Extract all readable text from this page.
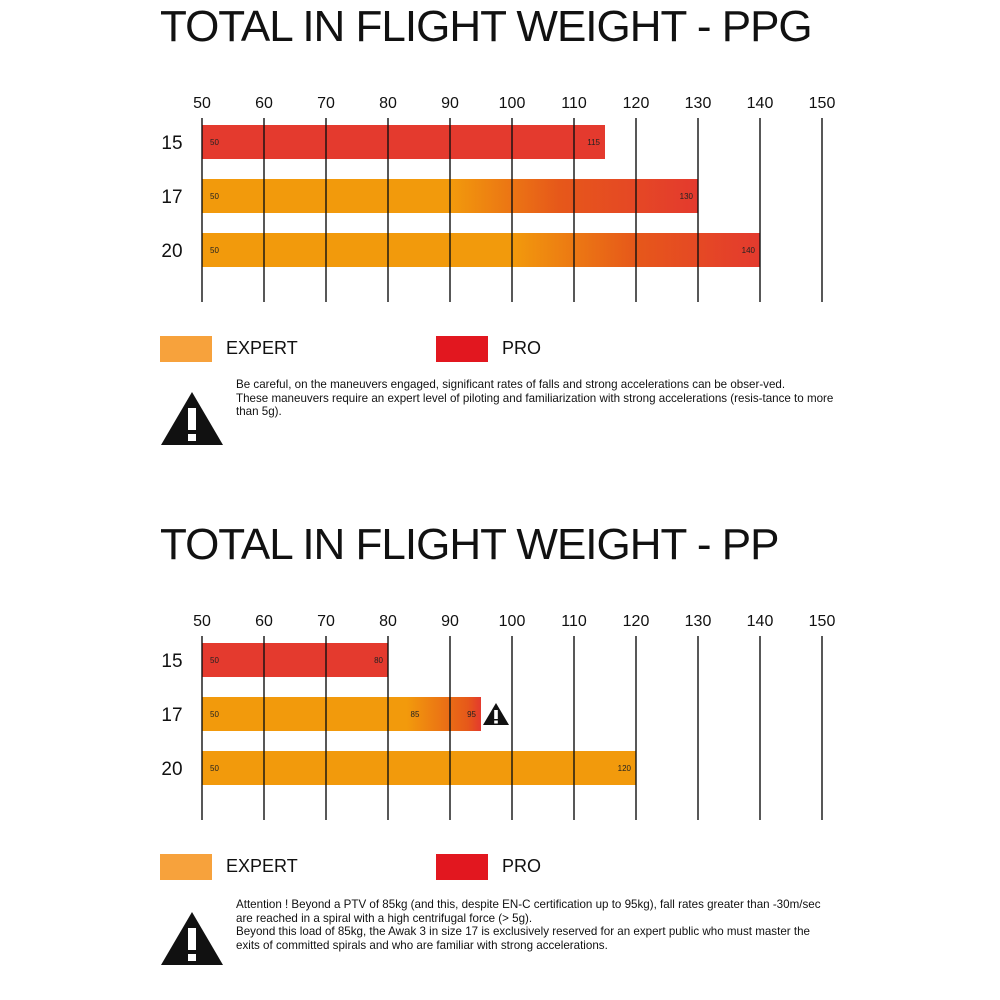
TOTAL IN FLIGHT WEIGHT - PPG
50	60	70	80	90 100 110 120 130 140 150
15	50	115
17	50	130
20	50	140
EXPERT	PRO

Be careful, on the maneuvers engaged, significant rates of falls and strong accelerations can be obser-ved.

These maneuvers require an expert level of piloting and familiarization with strong accelerations (resis-tance to more than 5g).

TOTAL IN FLIGHT WEIGHT - PP
50	60	70	80	90 100 110 120 130 140 150
15	50	80
17	50	95
85
20	50	120
EXPERT	PRO

Attention ! Beyond a PTV of 85kg (and this, despite EN-C certification up to 95kg), fall rates greater than -30m/sec are reached in a spiral with a high centrifugal force (> 5g).

Beyond this load of 85kg, the Awak 3 in size 17 is exclusively reserved for an expert public who must master the exits of committed spirals and who are familiar with strong accelerations.
